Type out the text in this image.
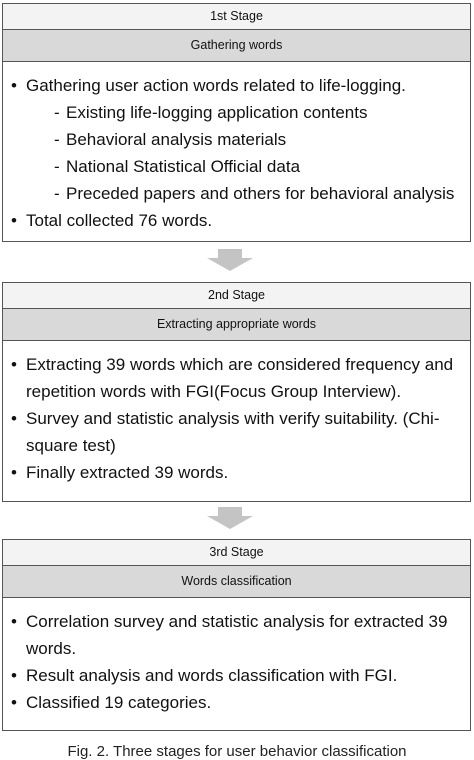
1st Stage
Gathering words
• Gathering user action words related to life-logging.
- Existing life-logging application contents
- Behavioral analysis materials
- National Statistical Official data
- Preceded papers and others for behavioral analysis
• Total collected 76 words.
2nd Stage
Extracting appropriate words
• Extracting 39 words which are considered frequency and repetition words with FGI(Focus Group Interview).
• Survey and statistic analysis with verify suitability. (Chi-square test)
• Finally extracted 39 words.
3rd Stage
Words classification
• Correlation survey and statistic analysis for extracted 39 words.
• Result analysis and words classification with FGI.
• Classified 19 categories.
Fig. 2. Three stages for user behavior classification
